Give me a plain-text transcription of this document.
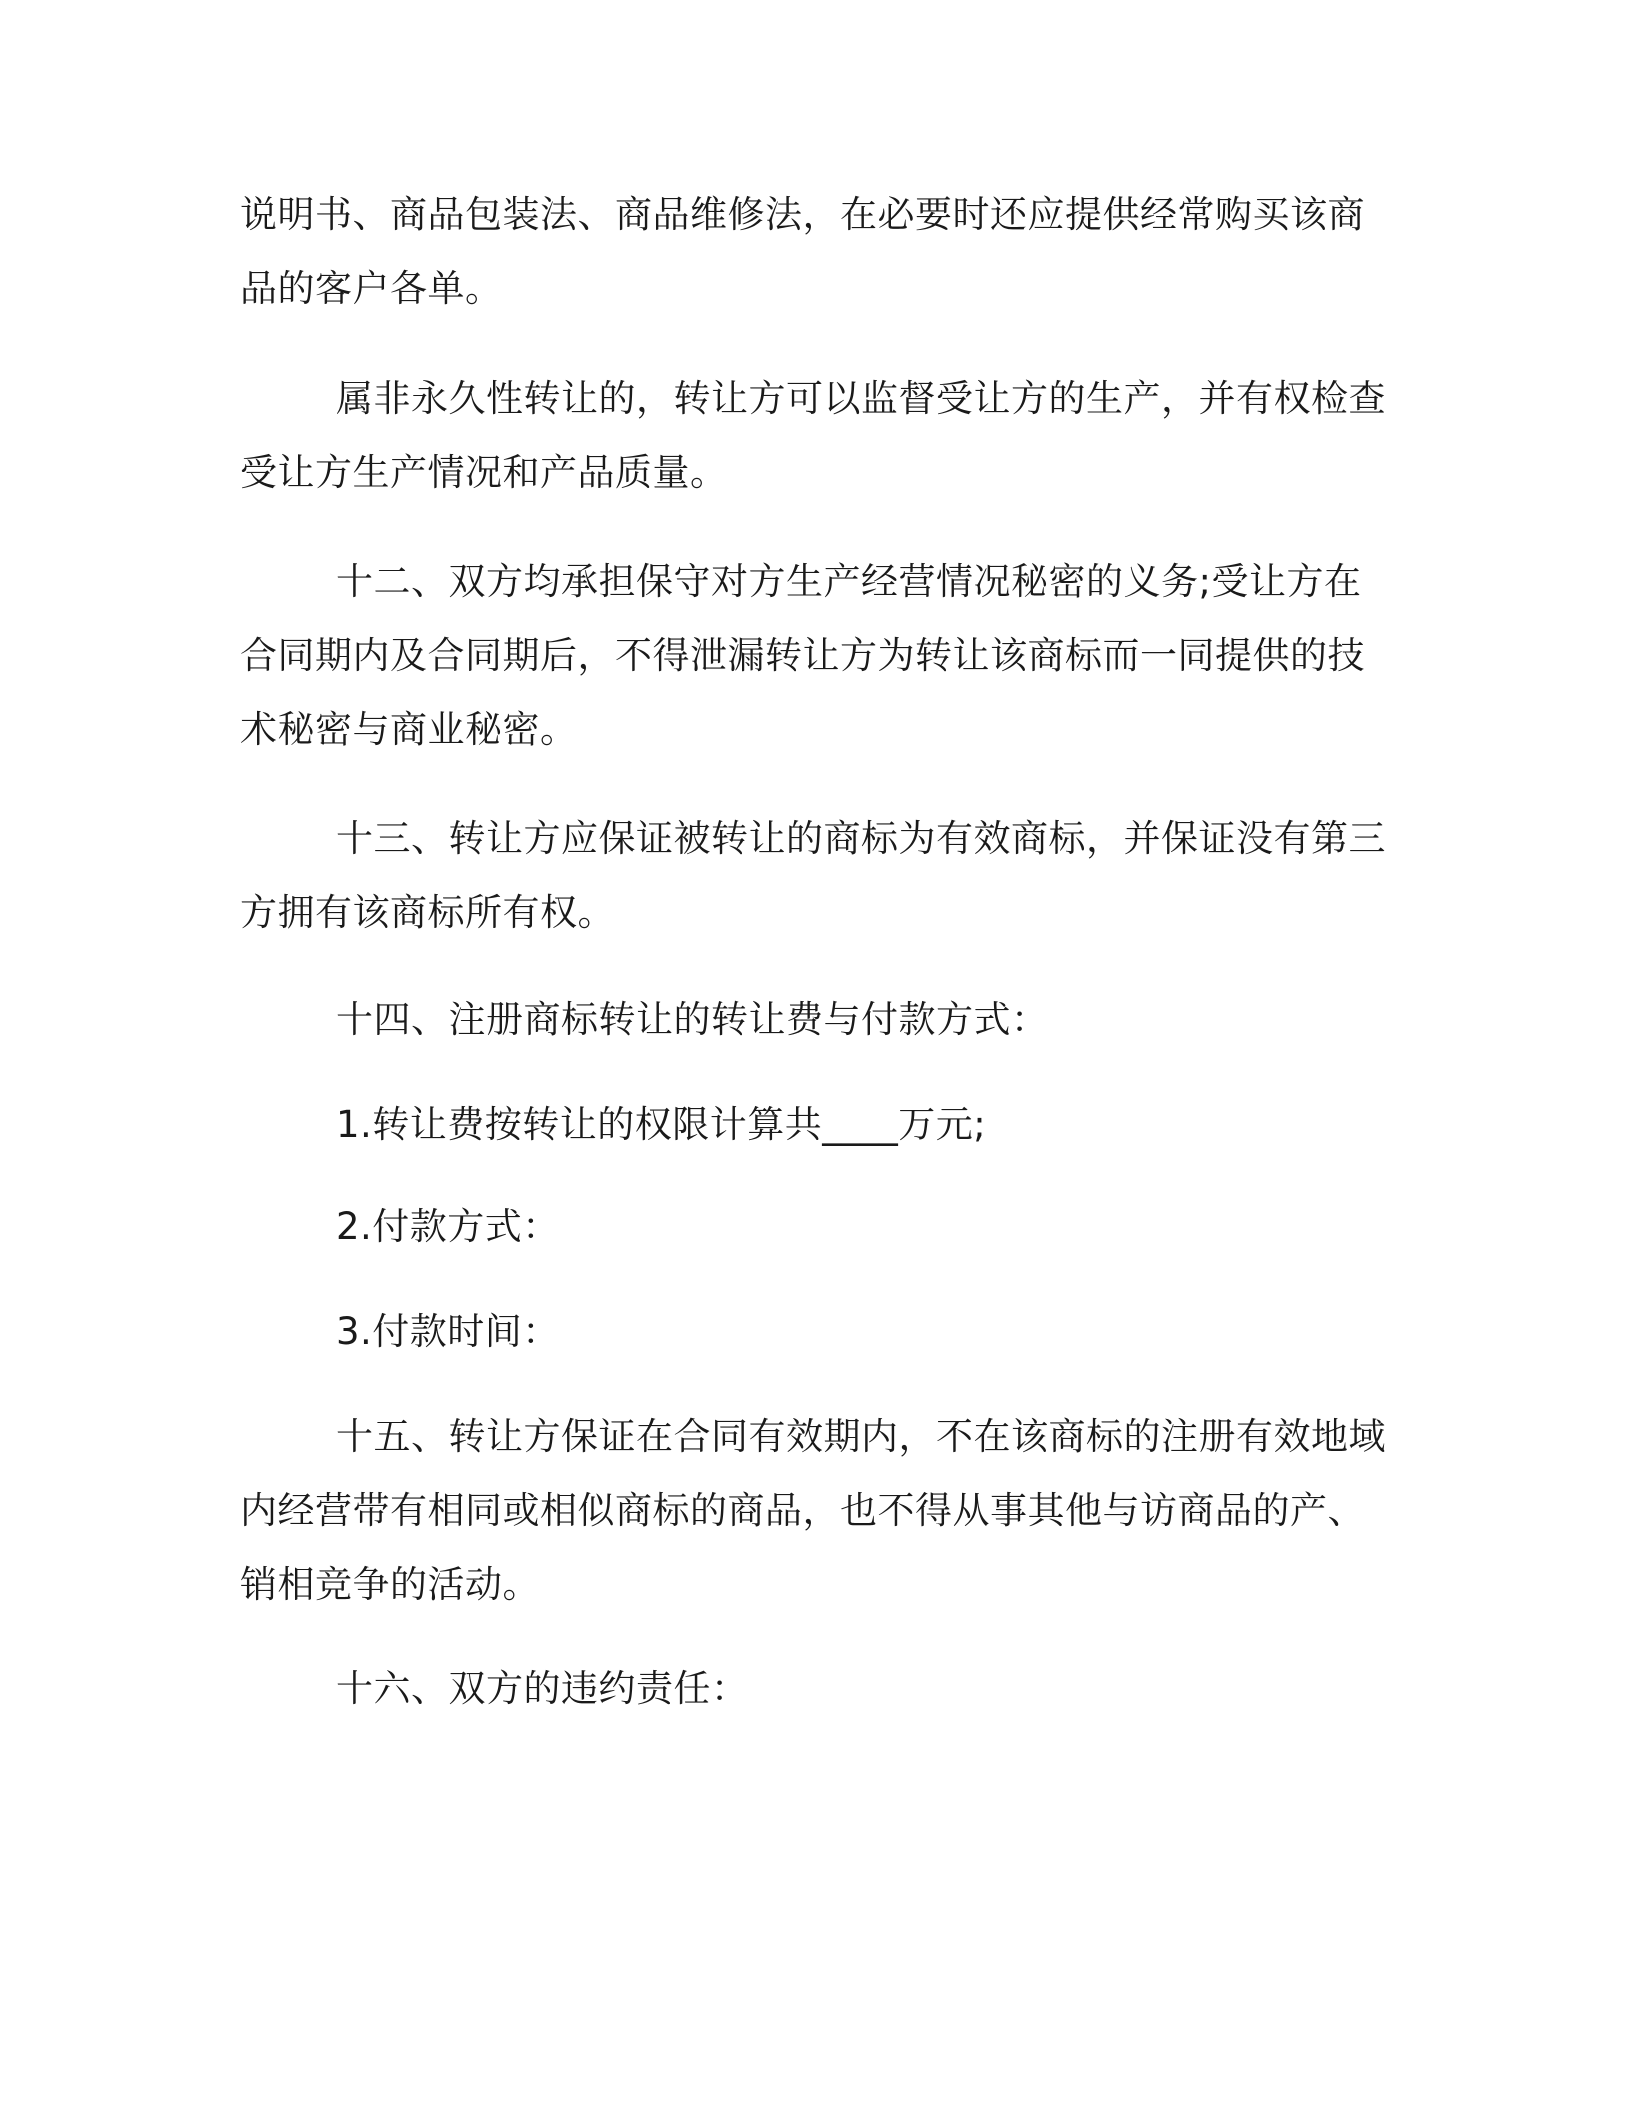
说明书、商品包装法、商品维修法，在必要时还应提供经常购买该商品的客户各单。

属非永久性转让的，转让方可以监督受让方的生产，并有权检查受让方生产情况和产品质量。

十二、双方均承担保守对方生产经营情况秘密的义务;受让方在合同期内及合同期后，不得泄漏转让方为转让该商标而一同提供的技术秘密与商业秘密。

十三、转让方应保证被转让的商标为有效商标，并保证没有第三方拥有该商标所有权。

十四、注册商标转让的转让费与付款方式：

1.转让费按转让的权限计算共____万元;

2.付款方式：

3.付款时间：

十五、转让方保证在合同有效期内，不在该商标的注册有效地域内经营带有相同或相似商标的商品，也不得从事其他与访商品的产、销相竞争的活动。

十六、双方的违约责任：
